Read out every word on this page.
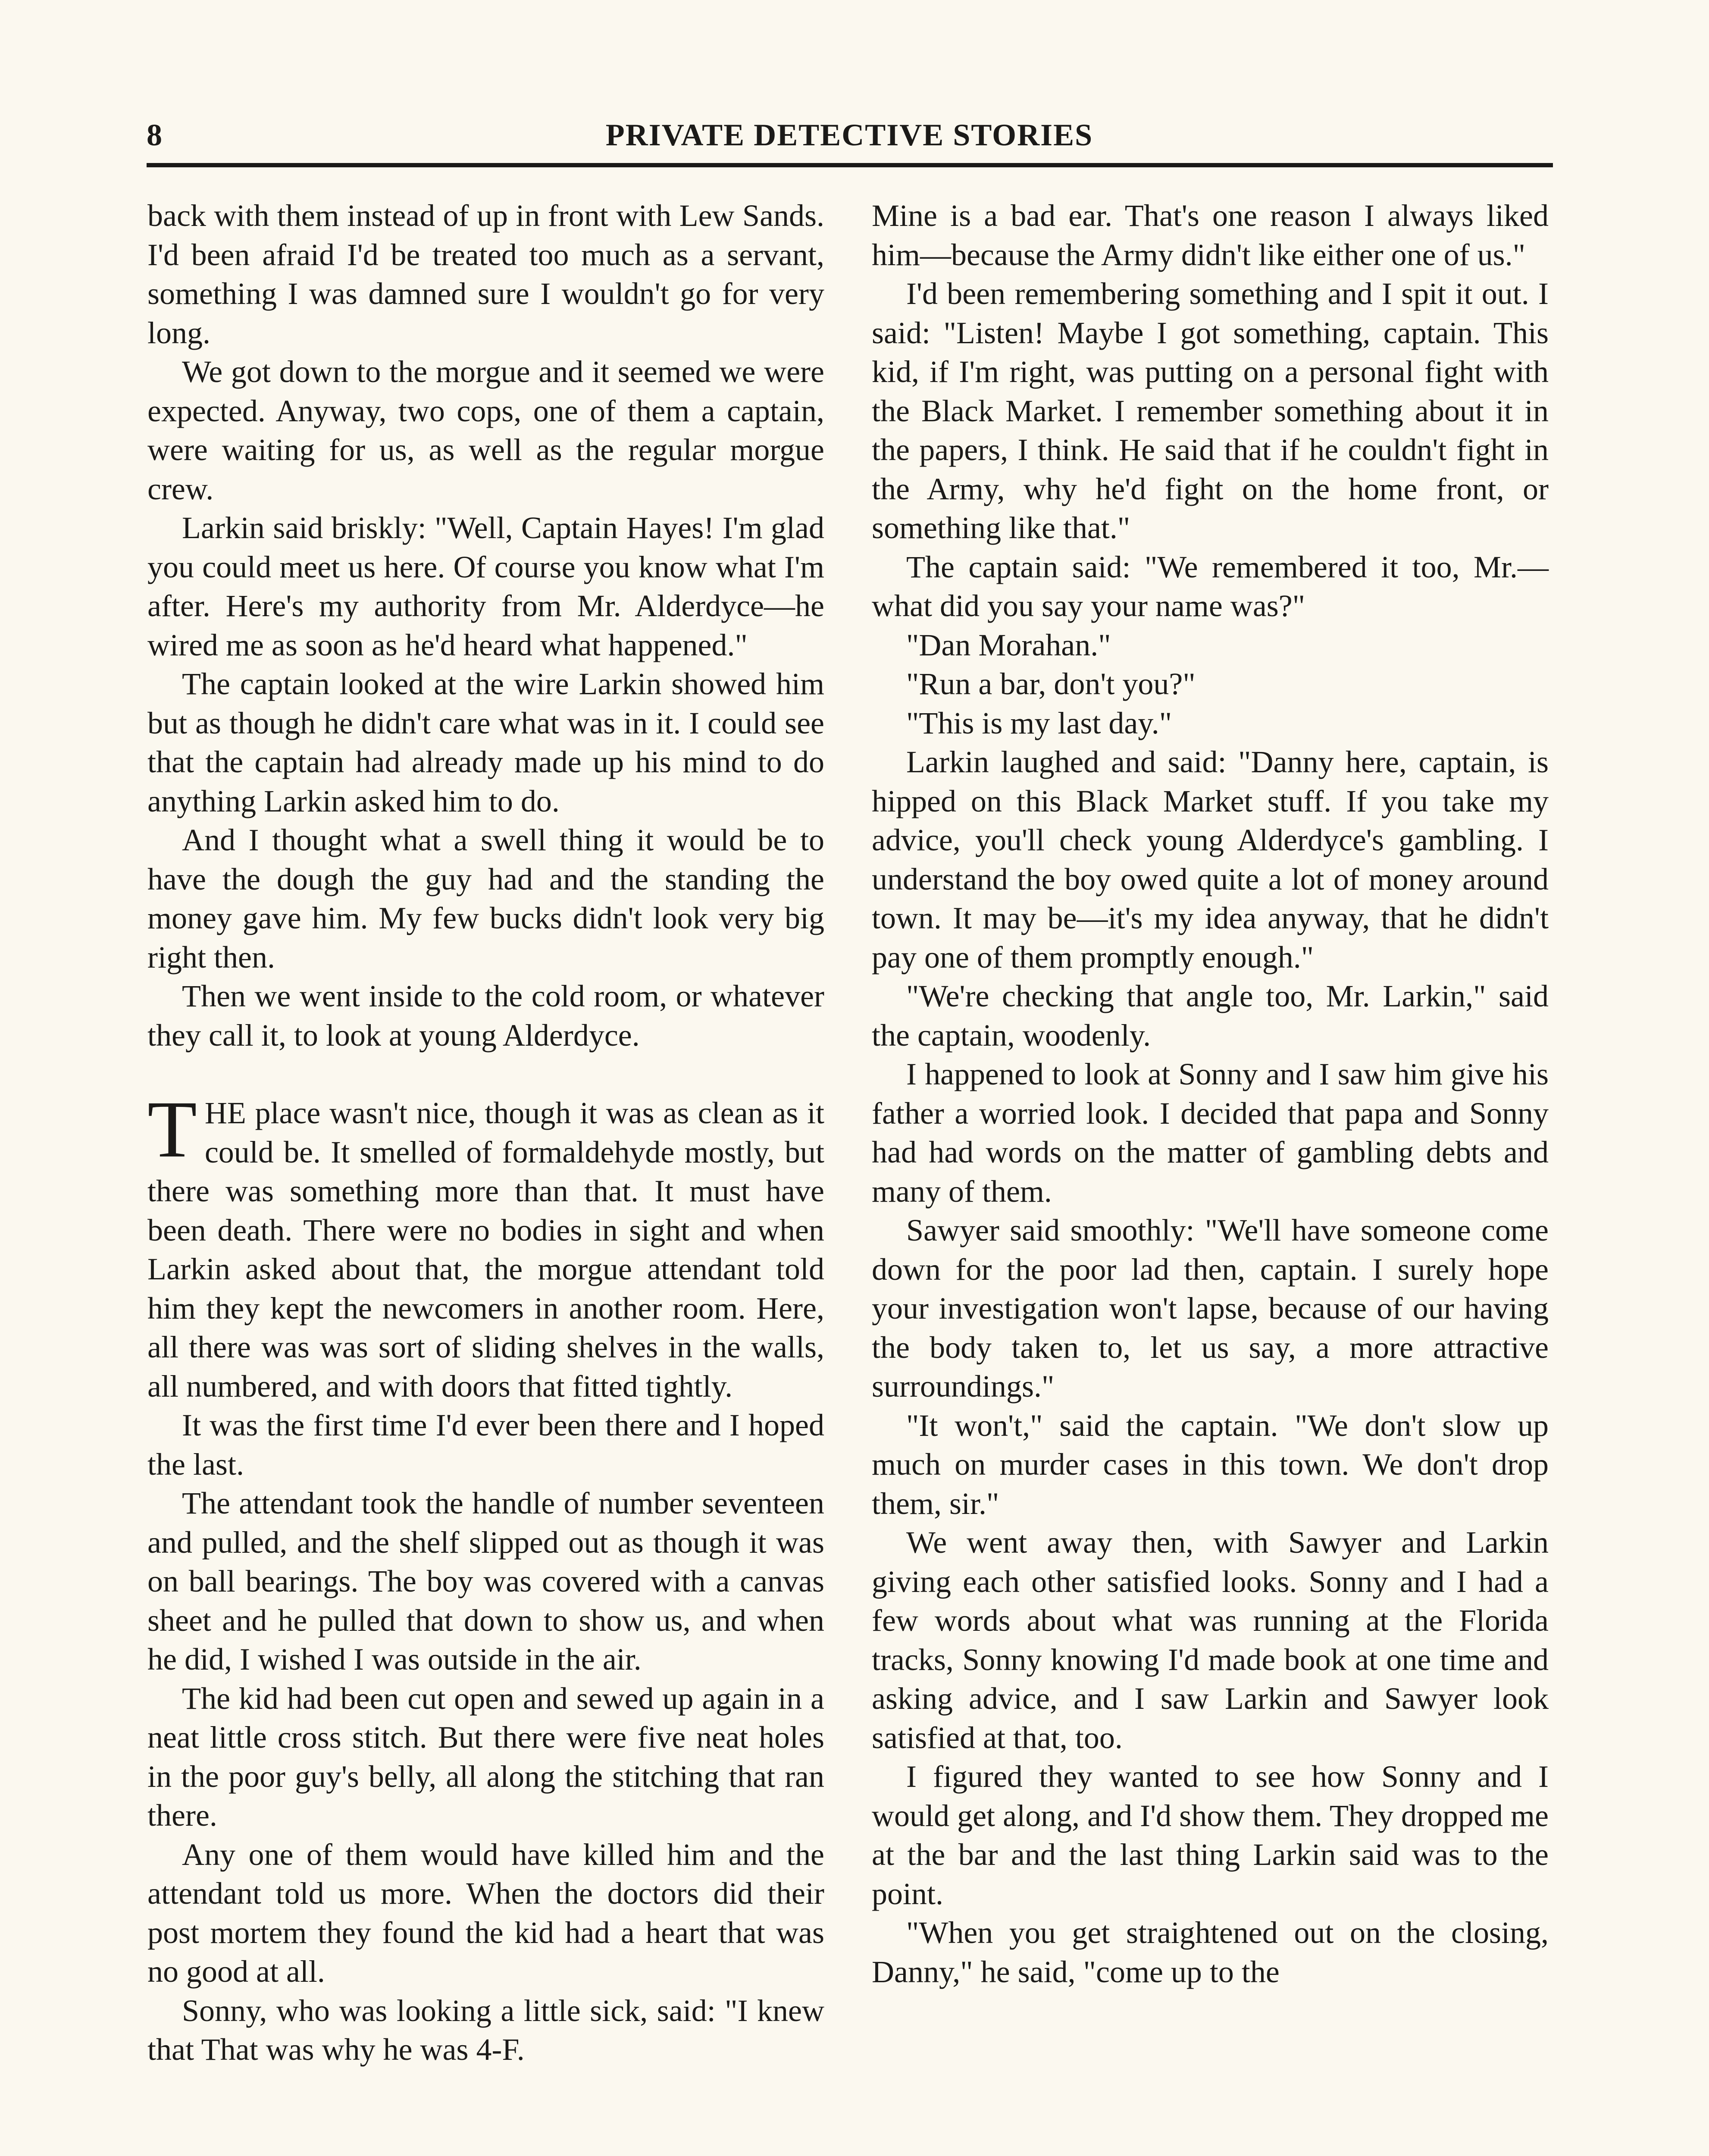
8	PRIVATE DETECTIVE STORIES

back with them instead of up in front with Lew Sands. I'd been afraid I'd be treated too much as a servant, something I was damned sure I wouldn't go for very long.

We got down to the morgue and it seemed we were expected. Anyway, two cops, one of them a captain, were waiting for us, as well as the regular morgue crew.

Larkin said briskly: "Well, Captain Hayes! I'm glad you could meet us here. Of course you know what I'm after. Here's my authority from Mr. Alderdyce—he wired me as soon as he'd heard what happened."

The captain looked at the wire Larkin showed him but as though he didn't care what was in it. I could see that the captain had already made up his mind to do anything Larkin asked him to do.

And I thought what a swell thing it would be to have the dough the guy had and the standing the money gave him. My few bucks didn't look very big right then.

Then we went inside to the cold room, or whatever they call it, to look at young Alderdyce.

THE place wasn't nice, though it was as clean as it could be. It smelled of formaldehyde mostly, but there was something more than that. It must have been death. There were no bodies in sight and when Larkin asked about that, the morgue attendant told him they kept the newcomers in another room. Here, all there was was sort of sliding shelves in the walls, all numbered, and with doors that fitted tightly.

It was the first time I'd ever been there and I hoped the last.

The attendant took the handle of number seventeen and pulled, and the shelf slipped out as though it was on ball bearings. The boy was covered with a canvas sheet and he pulled that down to show us, and when he did, I wished I was outside in the air.

The kid had been cut open and sewed up again in a neat little cross stitch. But there were five neat holes in the poor guy's belly, all along the stitching that ran there.

Any one of them would have killed him and the attendant told us more. When the doctors did their post mortem they found the kid had a heart that was no good at all.

Sonny, who was looking a little sick, said: "I knew that That was why he was 4-F.

Mine is a bad ear. That's one reason I always liked him—because the Army didn't like either one of us."

I'd been remembering something and I spit it out. I said: "Listen! Maybe I got something, captain. This kid, if I'm right, was putting on a personal fight with the Black Market. I remember something about it in the papers, I think. He said that if he couldn't fight in the Army, why he'd fight on the home front, or something like that."

The captain said: "We remembered it too, Mr.—what did you say your name was?"

"Dan Morahan."

"Run a bar, don't you?"

"This is my last day."

Larkin laughed and said: "Danny here, captain, is hipped on this Black Market stuff. If you take my advice, you'll check young Alderdyce's gambling. I understand the boy owed quite a lot of money around town. It may be—it's my idea anyway, that he didn't pay one of them promptly enough."

"We're checking that angle too, Mr. Larkin," said the captain, woodenly.

I happened to look at Sonny and I saw him give his father a worried look. I decided that papa and Sonny had had words on the matter of gambling debts and many of them.

Sawyer said smoothly: "We'll have someone come down for the poor lad then, captain. I surely hope your investigation won't lapse, because of our having the body taken to, let us say, a more attractive surroundings."

"It won't," said the captain. "We don't slow up much on murder cases in this town. We don't drop them, sir."

We went away then, with Sawyer and Larkin giving each other satisfied looks. Sonny and I had a few words about what was running at the Florida tracks, Sonny knowing I'd made book at one time and asking advice, and I saw Larkin and Sawyer look satisfied at that, too.

I figured they wanted to see how Sonny and I would get along, and I'd show them. They dropped me at the bar and the last thing Larkin said was to the point.

"When you get straightened out on the closing, Danny," he said, "come up to the
